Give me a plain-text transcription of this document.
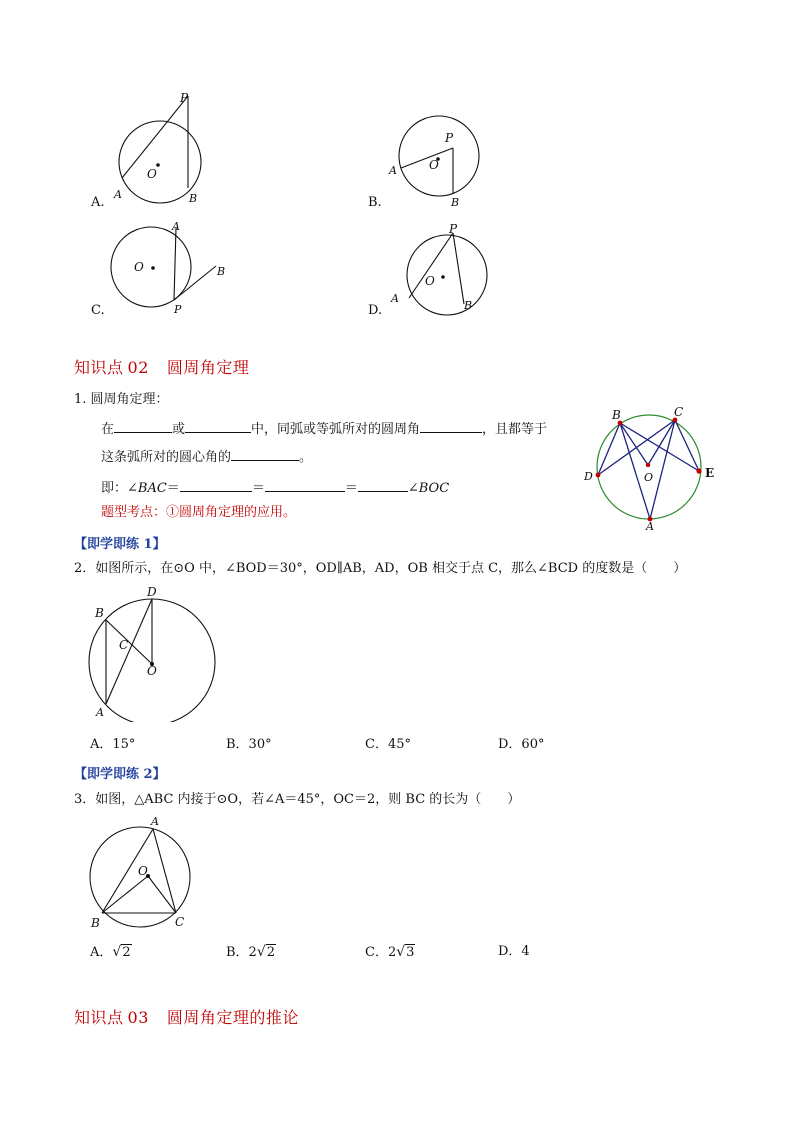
P
O
A	B
A.
P
O
A
B
B.
O
A
B
P
C.
P
O
A
B
D.
知识点 02 圆周角定理
1. 圆周角定理：
在	或	中，同弧或等弧所对的圆周角	，且都等于
这条弧所对的圆心角的	。
即：∠BAC＝	＝	＝	∠BOC
题型考点：①圆周角定理的应用。
B	C
D	E
O
A
【即学即练 1】
2．如图所示，在⊙O 中，∠BOD＝30°，OD∥AB，AD，OB 相交于点 C，那么∠BCD 的度数是（　　）
D
B
C
O
A
A．15°	B．30°	C．45°	D．60°
【即学即练 2】
3．如图，△ABC 内接于⊙O，若∠A＝45°，OC＝2，则 BC 的长为（　　）
A
O
B	C
A．√2	B．2√2	C．2√3	D．4
知识点 03 圆周角定理的推论
